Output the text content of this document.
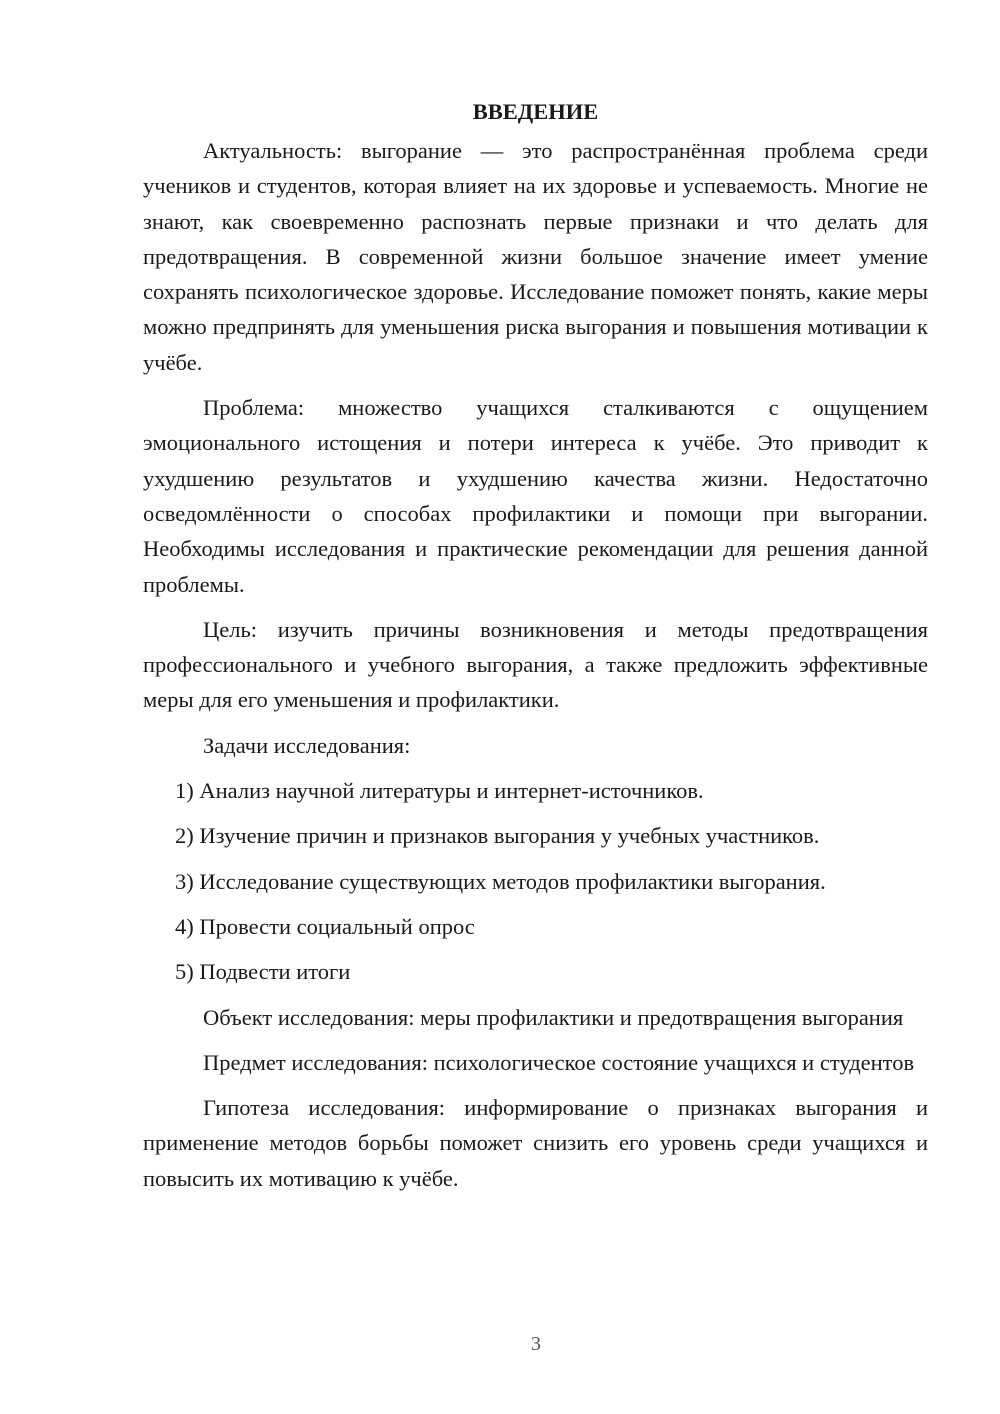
ВВЕДЕНИЕ

Актуальность: выгорание — это распространённая проблема среди учеников и студентов, которая влияет на их здоровье и успеваемость. Многие не знают, как своевременно распознать первые признаки и что делать для предотвращения. В современной жизни большое значение имеет умение сохранять психологическое здоровье. Исследование поможет понять, какие меры можно предпринять для уменьшения риска выгорания и повышения мотивации к учёбе.

Проблема: множество учащихся сталкиваются с ощущением эмоционального истощения и потери интереса к учёбе. Это приводит к ухудшению результатов и ухудшению качества жизни. Недостаточно осведомлённости о способах профилактики и помощи при выгорании. Необходимы исследования и практические рекомендации для решения данной проблемы.

Цель: изучить причины возникновения и методы предотвращения профессионального и учебного выгорания, а также предложить эффективные меры для его уменьшения и профилактики.

Задачи исследования:

1) Анализ научной литературы и интернет-источников.

2) Изучение причин и признаков выгорания у учебных участников.

3) Исследование существующих методов профилактики выгорания.

4) Провести социальный опрос

5) Подвести итоги

Объект исследования: меры профилактики и предотвращения выгорания

Предмет исследования: психологическое состояние учащихся и студентов

Гипотеза исследования: информирование о признаках выгорания и применение методов борьбы поможет снизить его уровень среди учащихся и повысить их мотивацию к учёбе.

3
